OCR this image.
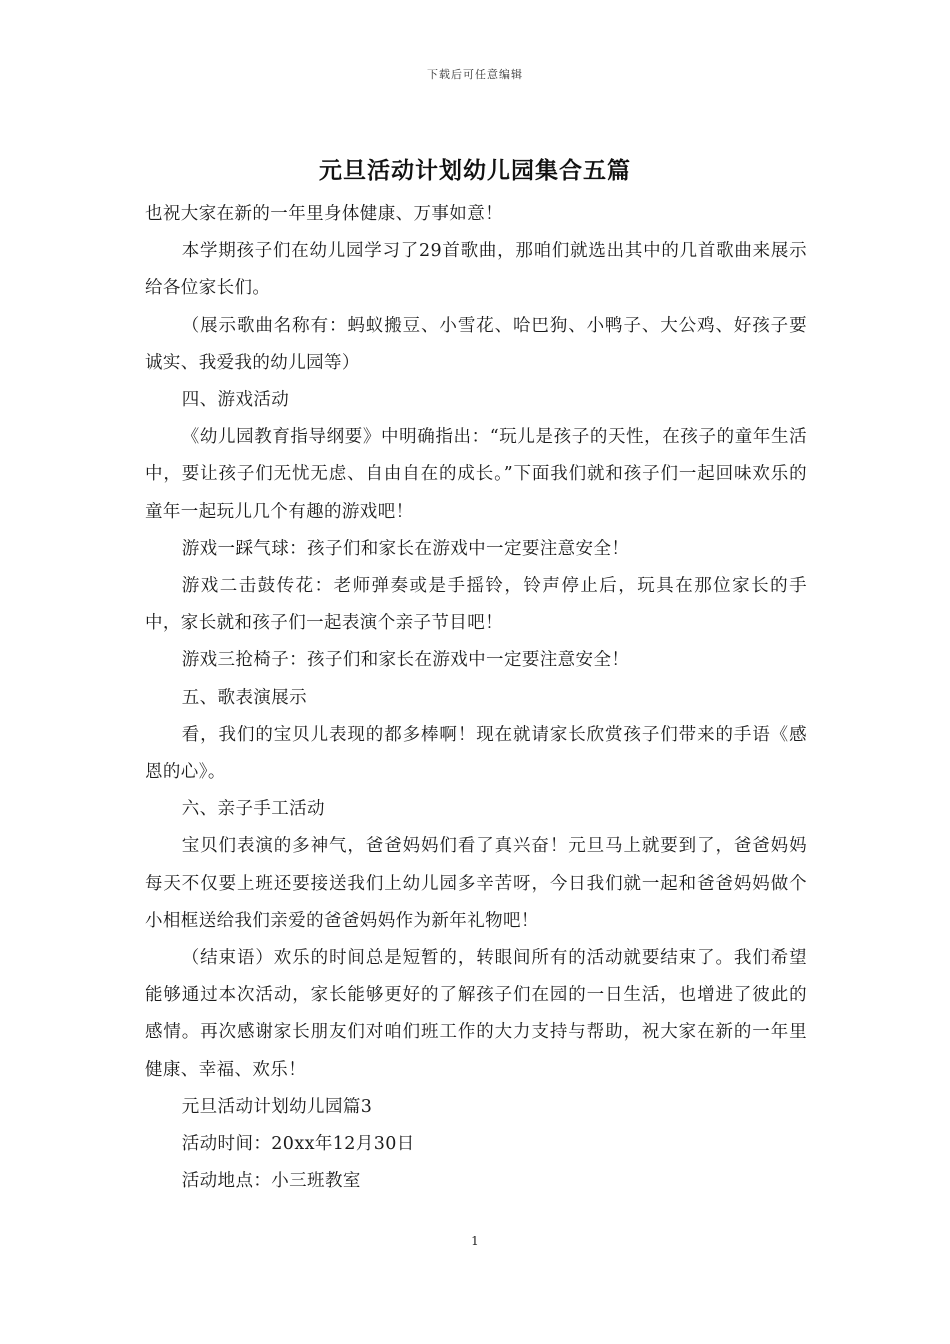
下载后可任意编辑
元旦活动计划幼儿园集合五篇

也祝大家在新的一年里身体健康、万事如意！

本学期孩子们在幼儿园学习了29首歌曲，那咱们就选出其中的几首歌曲来展示给各位家长们。

（展示歌曲名称有：蚂蚁搬豆、小雪花、哈巴狗、小鸭子、大公鸡、好孩子要诚实、我爱我的幼儿园等）

四、游戏活动

《幼儿园教育指导纲要》中明确指出：“玩儿是孩子的天性，在孩子的童年生活中，要让孩子们无忧无虑、自由自在的成长。”下面我们就和孩子们一起回味欢乐的童年一起玩儿几个有趣的游戏吧！

游戏一踩气球：孩子们和家长在游戏中一定要注意安全！

游戏二击鼓传花：老师弹奏或是手摇铃，铃声停止后，玩具在那位家长的手中，家长就和孩子们一起表演个亲子节目吧！

游戏三抢椅子：孩子们和家长在游戏中一定要注意安全！

五、歌表演展示

看，我们的宝贝儿表现的都多棒啊！现在就请家长欣赏孩子们带来的手语《感恩的心》。

六、亲子手工活动

宝贝们表演的多神气，爸爸妈妈们看了真兴奋！元旦马上就要到了，爸爸妈妈每天不仅要上班还要接送我们上幼儿园多辛苦呀，今日我们就一起和爸爸妈妈做个小相框送给我们亲爱的爸爸妈妈作为新年礼物吧！

（结束语）欢乐的时间总是短暂的，转眼间所有的活动就要结束了。我们希望能够通过本次活动，家长能够更好的了解孩子们在园的一日生活，也增进了彼此的感情。再次感谢家长朋友们对咱们班工作的大力支持与帮助，祝大家在新的一年里健康、幸福、欢乐！

元旦活动计划幼儿园篇3

活动时间：20xx年12月30日

活动地点：小三班教室

1
